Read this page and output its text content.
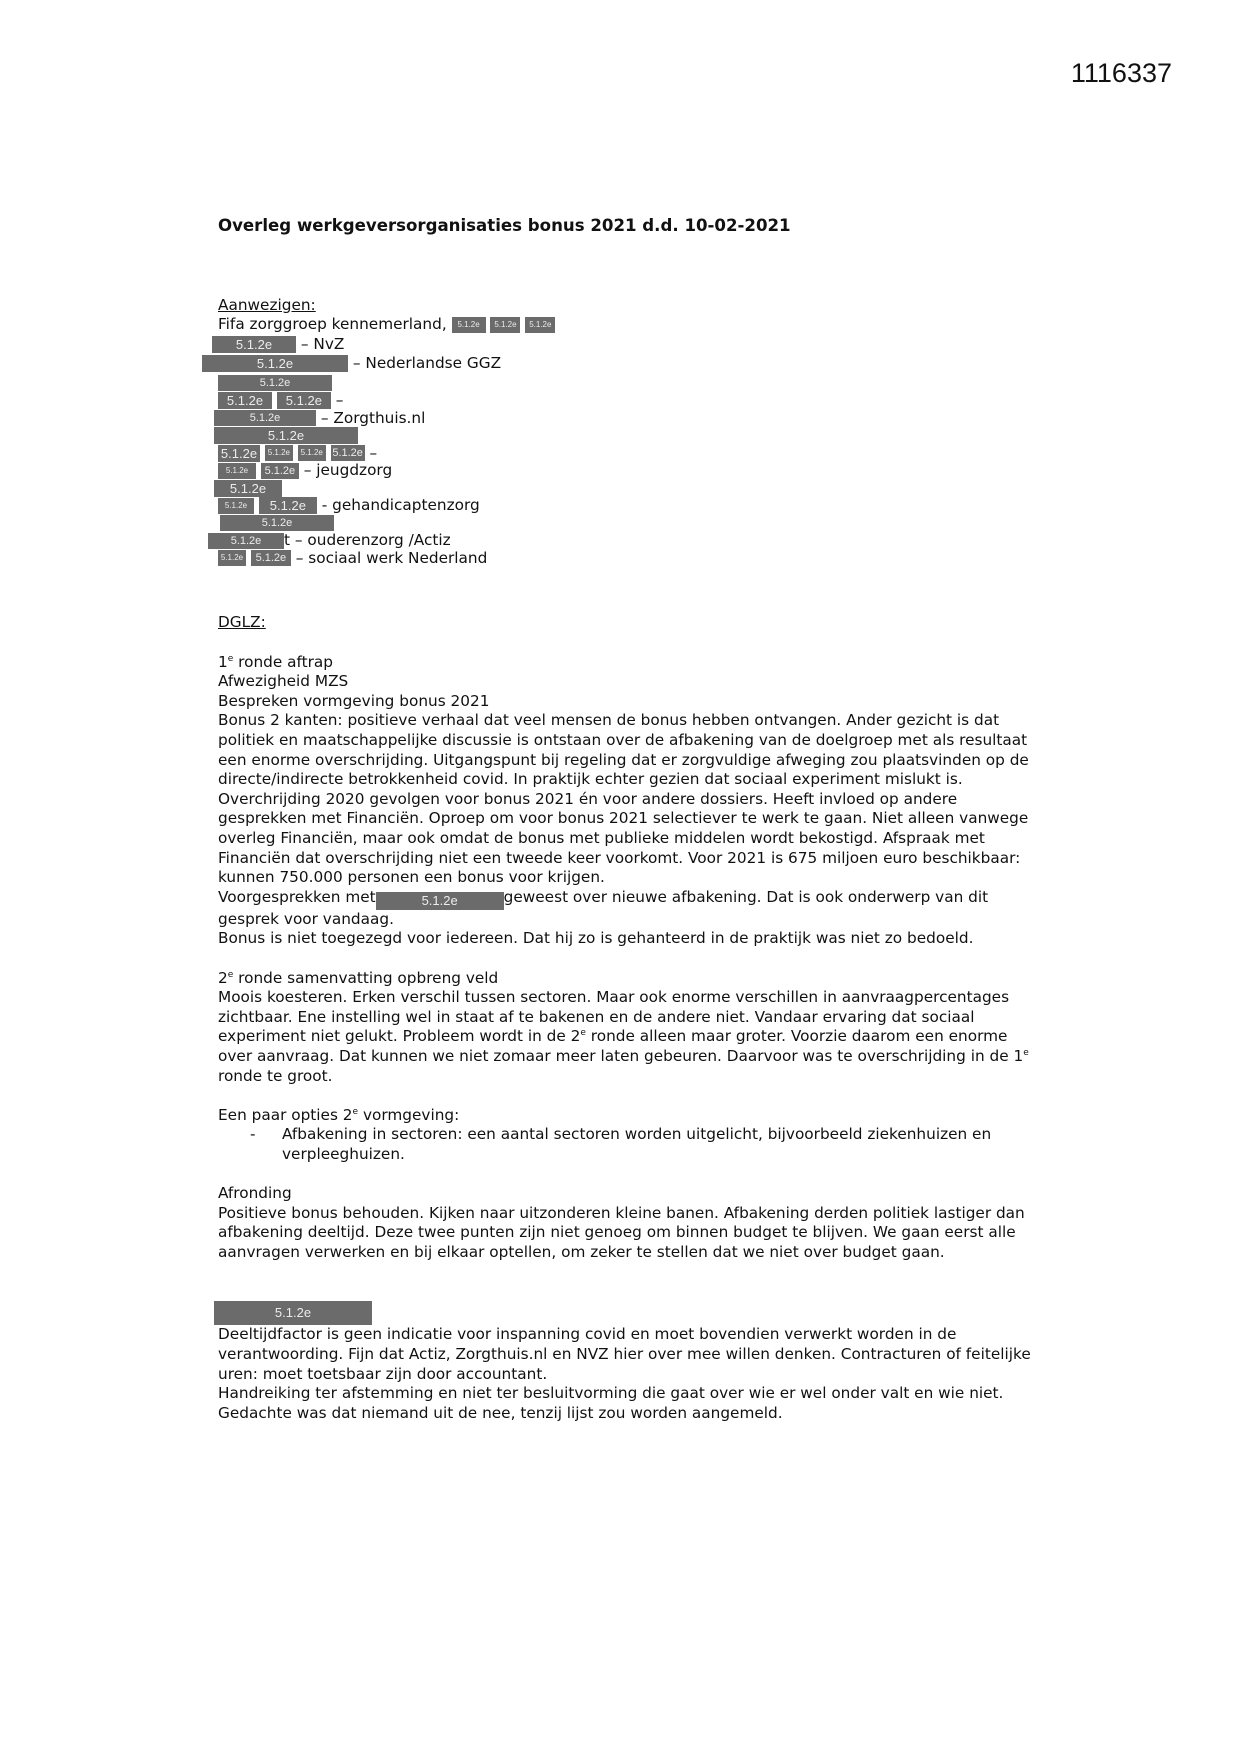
1116337

Overleg werkgeversorganisaties bonus 2021 d.d. 10-02-2021

Aanwezigen:

Fifa zorggroep kennemerland, 5.1.2e 5.1.2e 5.1.2e
5.1.2e – NvZ
5.1.2e	– Nederlandse GGZ
5.1.2e
5.1.2e 5.1.2e –
5.1.2e	– Zorgthuis.nl
5.1.2e
5.1.2e 5.1.2e 5.1.2e 5.1.2e –
5.1.2e 5.1.2e – jeugdzorg
5.1.2e
5.1.2e 5.1.2e - gehandicaptenzorg
5.1.2e
5.1.2e t – ouderenzorg /Actiz
5.1.2e 5.1.2e – sociaal werk Nederland

DGLZ:

1e ronde aftrap

Afwezigheid MZS

Bespreken vormgeving bonus 2021

Bonus 2 kanten: positieve verhaal dat veel mensen de bonus hebben ontvangen. Ander gezicht is dat politiek en maatschappelijke discussie is ontstaan over de afbakening van de doelgroep met als resultaat een enorme overschrijding. Uitgangspunt bij regeling dat er zorgvuldige afweging zou plaatsvinden op de directe/indirecte betrokkenheid covid. In praktijk echter gezien dat sociaal experiment mislukt is.

Overchrijding 2020 gevolgen voor bonus 2021 én voor andere dossiers. Heeft invloed op andere gesprekken met Financiën. Oproep om voor bonus 2021 selectiever te werk te gaan. Niet alleen vanwege overleg Financiën, maar ook omdat de bonus met publieke middelen wordt bekostigd. Afspraak met Financiën dat overschrijding niet een tweede keer voorkomt. Voor 2021 is 675 miljoen euro beschikbaar: kunnen 750.000 personen een bonus voor krijgen.

Voorgesprekken met	5.1.2e	geweest over nieuwe afbakening. Dat is ook onderwerp van dit gesprek voor vandaag.

Bonus is niet toegezegd voor iedereen. Dat hij zo is gehanteerd in de praktijk was niet zo bedoeld.

2e ronde samenvatting opbreng veld

Moois koesteren. Erken verschil tussen sectoren. Maar ook enorme verschillen in aanvraagpercentages zichtbaar. Ene instelling wel in staat af te bakenen en de andere niet. Vandaar ervaring dat sociaal experiment niet gelukt. Probleem wordt in de 2e ronde alleen maar groter. Voorzie daarom een enorme over aanvraag. Dat kunnen we niet zomaar meer laten gebeuren. Daarvoor was te overschrijding in de 1e ronde te groot.

Een paar opties 2e vormgeving:

- Afbakening in sectoren: een aantal sectoren worden uitgelicht, bijvoorbeeld ziekenhuizen en verpleeghuizen.

Afronding

Positieve bonus behouden. Kijken naar uitzonderen kleine banen. Afbakening derden politiek lastiger dan afbakening deeltijd. Deze twee punten zijn niet genoeg om binnen budget te blijven. We gaan eerst alle aanvragen verwerken en bij elkaar optellen, om zeker te stellen dat we niet over budget gaan.

5.1.2e

Deeltijdfactor is geen indicatie voor inspanning covid en moet bovendien verwerkt worden in de verantwoording. Fijn dat Actiz, Zorgthuis.nl en NVZ hier over mee willen denken. Contracturen of feitelijke uren: moet toetsbaar zijn door accountant.

Handreiking ter afstemming en niet ter besluitvorming die gaat over wie er wel onder valt en wie niet. Gedachte was dat niemand uit de nee, tenzij lijst zou worden aangemeld.
